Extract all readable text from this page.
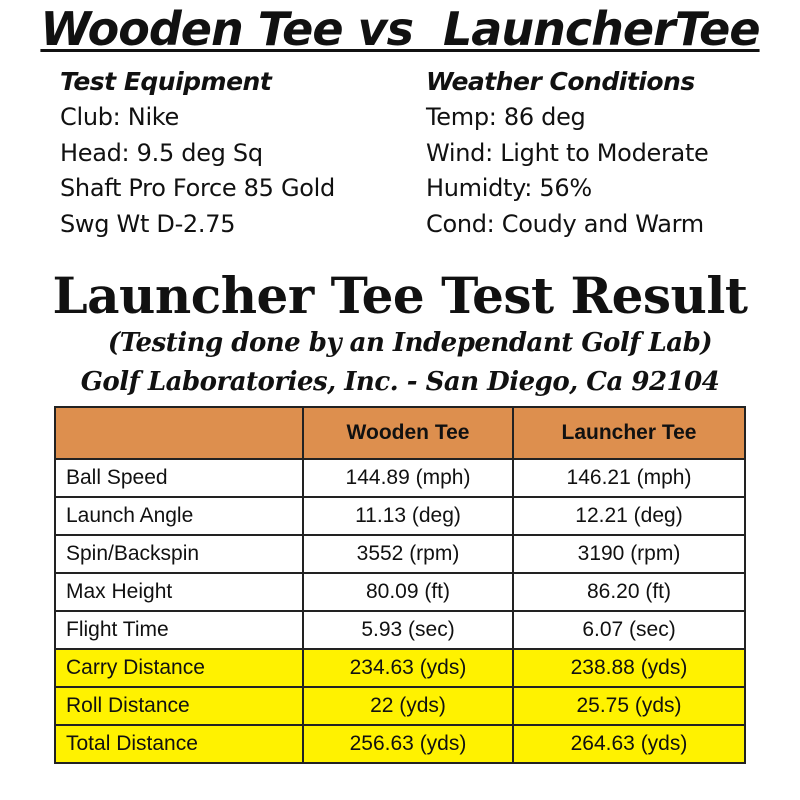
Wooden Tee vs  LauncherTee
Test Equipment
Club: Nike
Head: 9.5 deg Sq
Shaft Pro Force 85 Gold
Swg Wt D-2.75
Weather Conditions
Temp: 86 deg
Wind: Light to Moderate
Humidty: 56%
Cond: Coudy and Warm
Launcher Tee Test Result
(Testing done by an Independant Golf Lab)
Golf Laboratories, Inc. - San Diego, Ca 92104
	Wooden Tee	Launcher Tee
Ball Speed	144.89 (mph)	146.21 (mph)
Launch Angle	11.13 (deg)	12.21 (deg)
Spin/Backspin	3552 (rpm)	3190 (rpm)
Max Height	80.09 (ft)	86.20 (ft)
Flight Time	5.93 (sec)	6.07 (sec)
Carry Distance	234.63 (yds)	238.88 (yds)
Roll Distance	22 (yds)	25.75 (yds)
Total Distance	256.63 (yds)	264.63 (yds)
